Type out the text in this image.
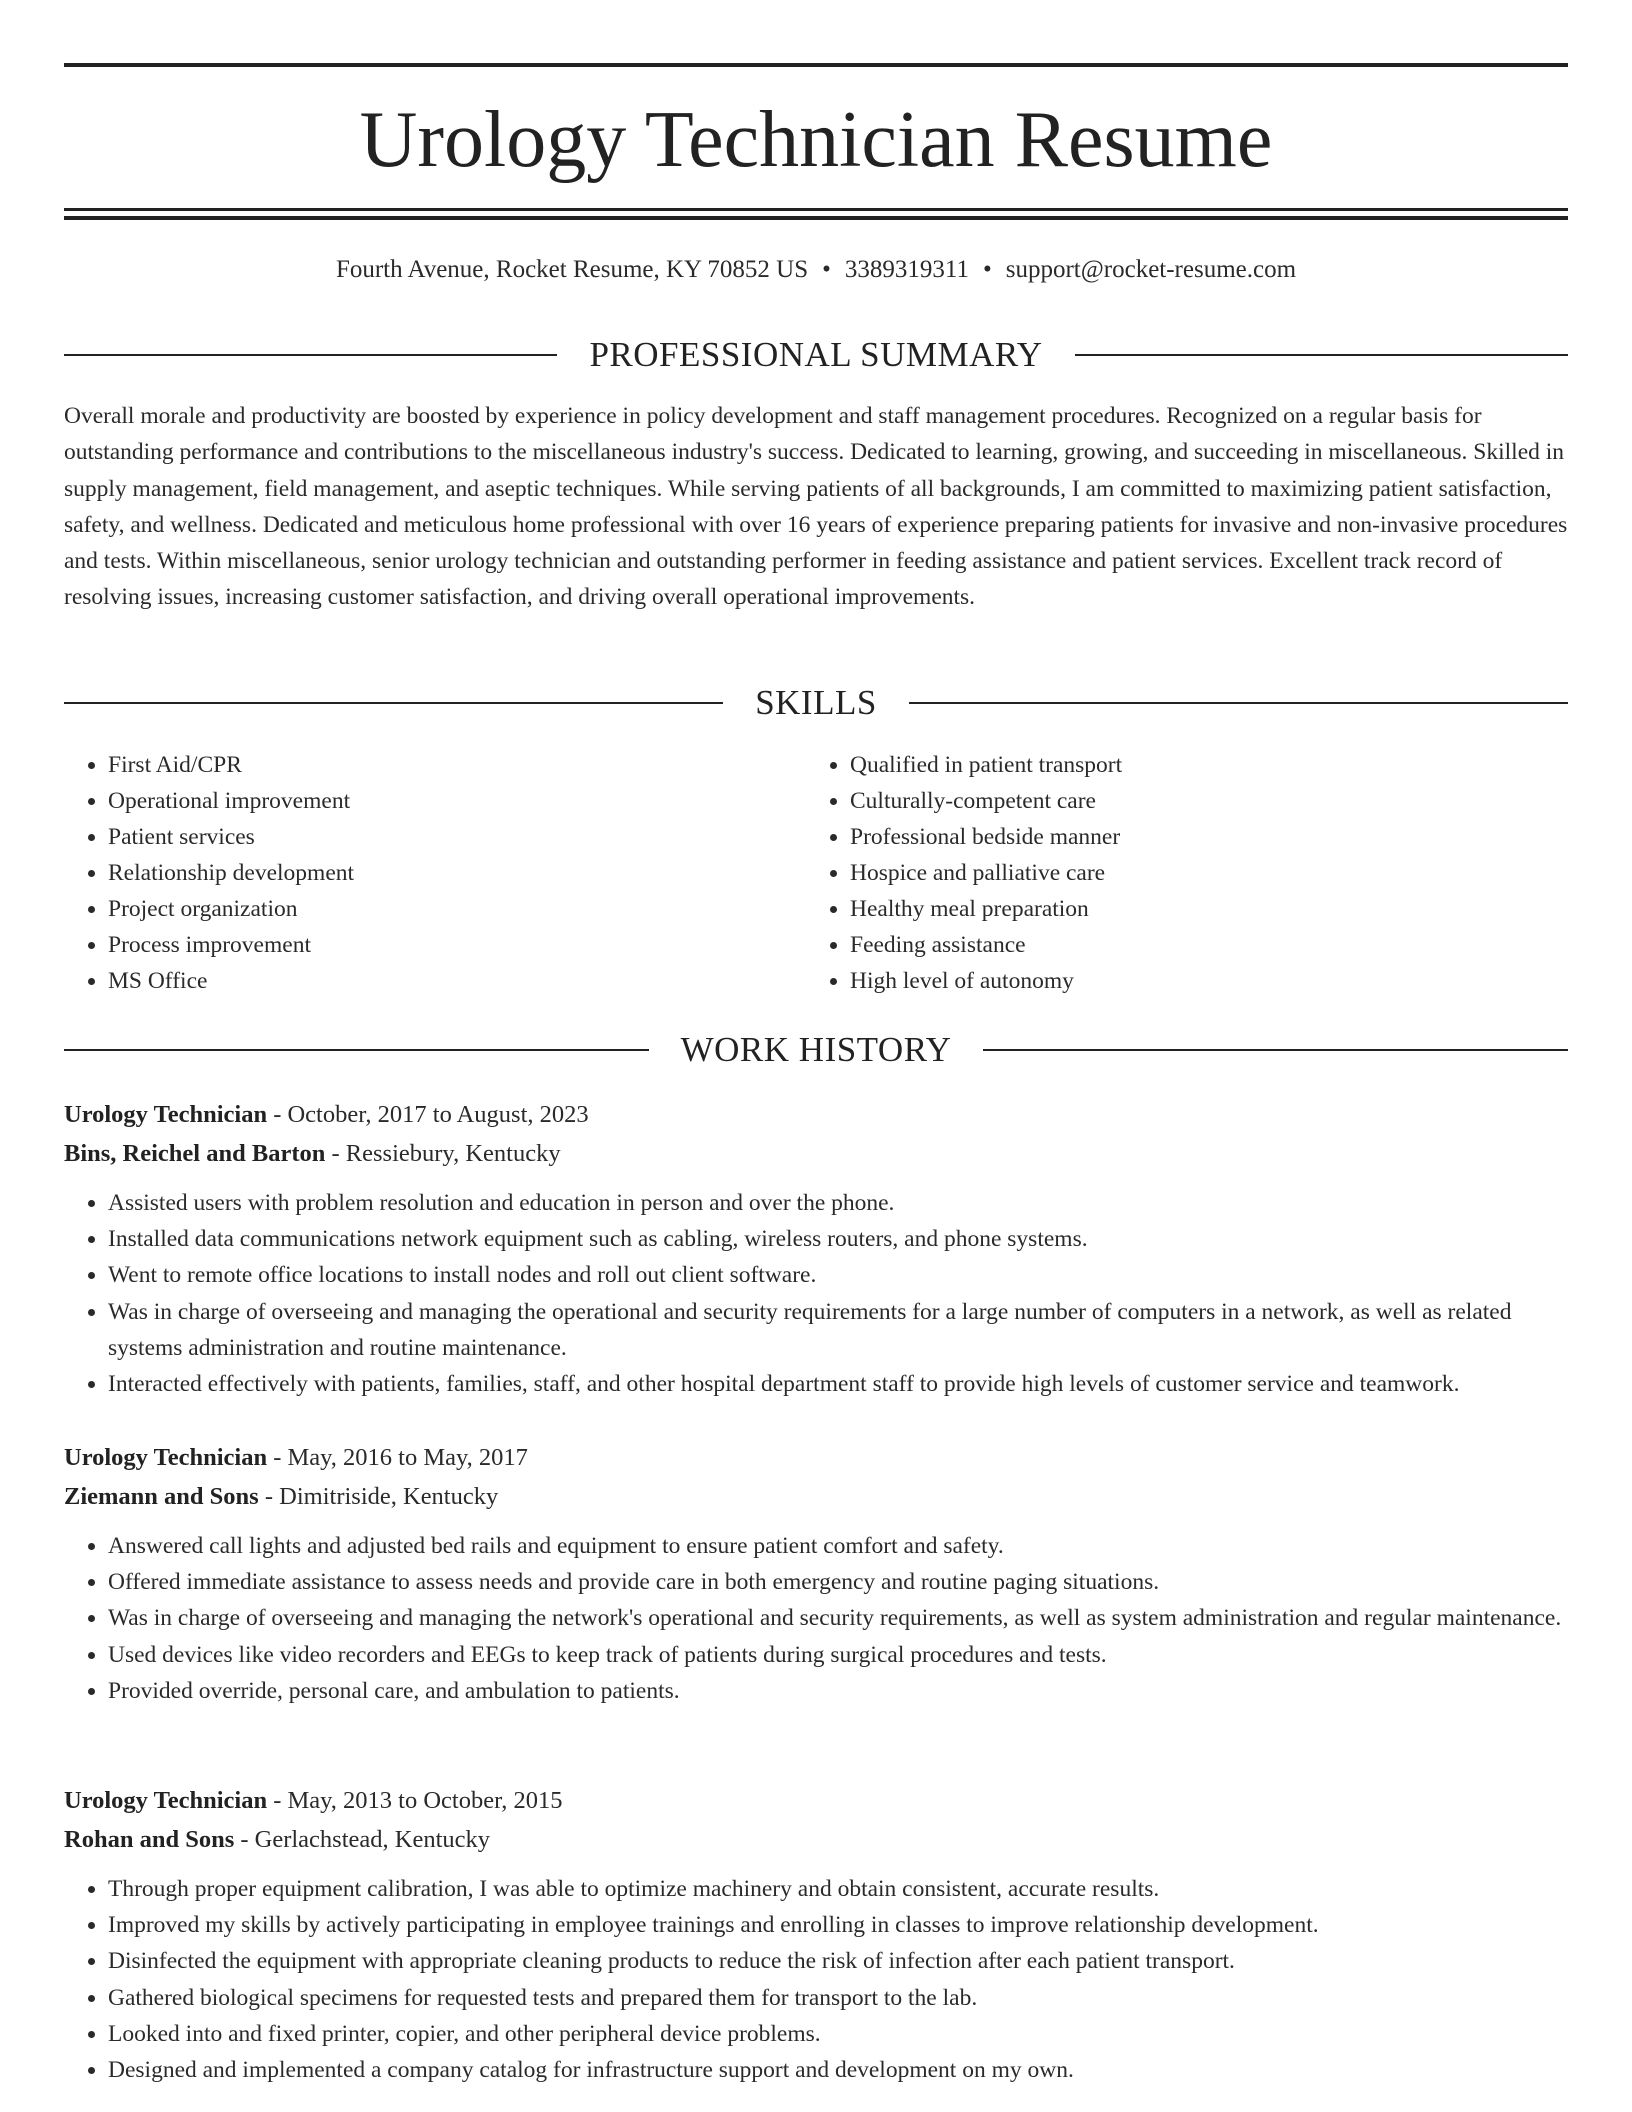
Urology Technician Resume
Fourth Avenue, Rocket Resume, KY 70852 US • 3389319311 • support@rocket-resume.com
PROFESSIONAL SUMMARY

Overall morale and productivity are boosted by experience in policy development and staff management procedures. Recognized on a regular basis for outstanding performance and contributions to the miscellaneous industry's success. Dedicated to learning, growing, and succeeding in miscellaneous. Skilled in supply management, field management, and aseptic techniques. While serving patients of all backgrounds, I am committed to maximizing patient satisfaction, safety, and wellness. Dedicated and meticulous home professional with over 16 years of experience preparing patients for invasive and non-invasive procedures and tests. Within miscellaneous, senior urology technician and outstanding performer in feeding assistance and patient services. Excellent track record of resolving issues, increasing customer satisfaction, and driving overall operational improvements.

SKILLS
• First Aid/CPR
• Operational improvement
• Patient services
• Relationship development
• Project organization
• Process improvement
• MS Office
• Qualified in patient transport
• Culturally-competent care
• Professional bedside manner
• Hospice and palliative care
• Healthy meal preparation
• Feeding assistance
• High level of autonomy
WORK HISTORY
Urology Technician - October, 2017 to August, 2023
Bins, Reichel and Barton - Ressiebury, Kentucky
• Assisted users with problem resolution and education in person and over the phone.
• Installed data communications network equipment such as cabling, wireless routers, and phone systems.
• Went to remote office locations to install nodes and roll out client software.
• Was in charge of overseeing and managing the operational and security requirements for a large number of computers in a network, as well as related systems administration and routine maintenance.
• Interacted effectively with patients, families, staff, and other hospital department staff to provide high levels of customer service and teamwork.
Urology Technician - May, 2016 to May, 2017
Ziemann and Sons - Dimitriside, Kentucky
• Answered call lights and adjusted bed rails and equipment to ensure patient comfort and safety.
• Offered immediate assistance to assess needs and provide care in both emergency and routine paging situations.
• Was in charge of overseeing and managing the network's operational and security requirements, as well as system administration and regular maintenance.
• Used devices like video recorders and EEGs to keep track of patients during surgical procedures and tests.
• Provided override, personal care, and ambulation to patients.
Urology Technician - May, 2013 to October, 2015
Rohan and Sons - Gerlachstead, Kentucky
• Through proper equipment calibration, I was able to optimize machinery and obtain consistent, accurate results.
• Improved my skills by actively participating in employee trainings and enrolling in classes to improve relationship development.
• Disinfected the equipment with appropriate cleaning products to reduce the risk of infection after each patient transport.
• Gathered biological specimens for requested tests and prepared them for transport to the lab.
• Looked into and fixed printer, copier, and other peripheral device problems.
• Designed and implemented a company catalog for infrastructure support and development on my own.
